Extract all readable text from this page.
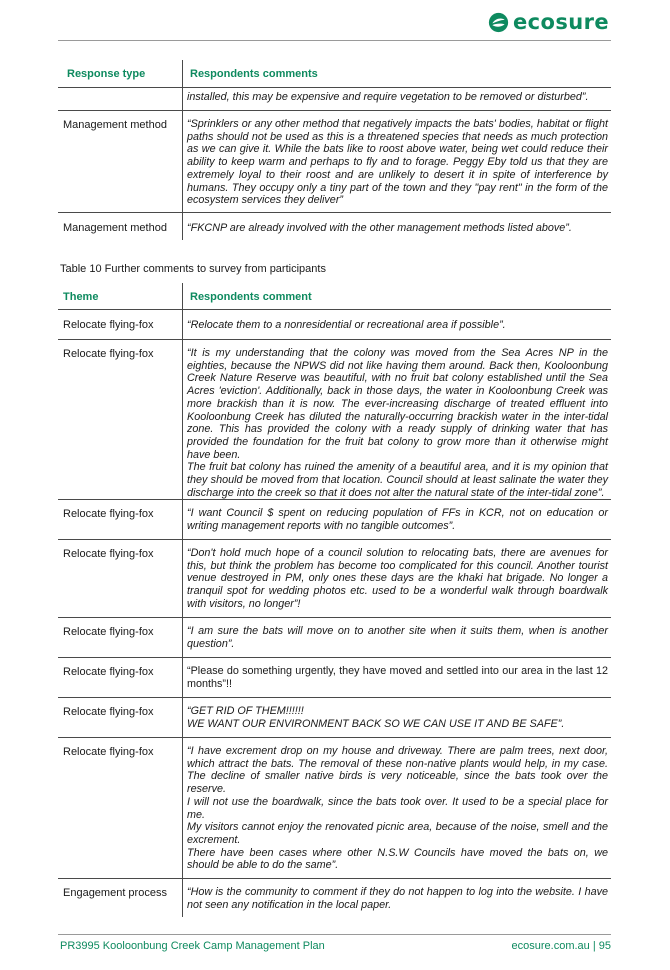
ecosure
Response type	Respondents comments
installed, this may be expensive and require vegetation to be removed or disturbed”.
Management method	“Sprinklers or any other method that negatively impacts the bats' bodies, habitat or flight paths should not be used as this is a threatened species that needs as much protection as we can give it. While the bats like to roost above water, being wet could reduce their ability to keep warm and perhaps to fly and to forage. Peggy Eby told us that they are extremely loyal to their roost and are unlikely to desert it in spite of interference by humans. They occupy only a tiny part of the town and they "pay rent" in the form of the ecosystem services they deliver”
Management method	“FKCNP are already involved with the other management methods listed above”.
Table 10 Further comments to survey from participants
Theme	Respondents comment
Relocate flying-fox	“Relocate them to a nonresidential or recreational area if possible”.
Relocate flying-fox	“It is my understanding that the colony was moved from the Sea Acres NP in the eighties, because the NPWS did not like having them around. Back then, Kooloonbung Creek Nature Reserve was beautiful, with no fruit bat colony established until the Sea Acres 'eviction'. Additionally, back in those days, the water in Kooloonbung Creek was more brackish than it is now. The ever-increasing discharge of treated effluent into Kooloonbung Creek has diluted the naturally-occurring brackish water in the inter-tidal zone. This has provided the colony with a ready supply of drinking water that has provided the foundation for the fruit bat colony to grow more than it otherwise might have been.
The fruit bat colony has ruined the amenity of a beautiful area, and it is my opinion that they should be moved from that location. Council should at least salinate the water they discharge into the creek so that it does not alter the natural state of the inter-tidal zone”.
Relocate flying-fox	“I want Council $ spent on reducing population of FFs in KCR, not on education or writing management reports with no tangible outcomes”.
Relocate flying-fox	“Don't hold much hope of a council solution to relocating bats, there are avenues for this, but think the problem has become too complicated for this council. Another tourist venue destroyed in PM, only ones these days are the khaki hat brigade. No longer a tranquil spot for wedding photos etc. used to be a wonderful walk through boardwalk with visitors, no longer”!
Relocate flying-fox	“I am sure the bats will move on to another site when it suits them, when is another question”.
Relocate flying-fox	“Please do something urgently, they have moved and settled into our area in the last 12 months”!!
Relocate flying-fox	“GET RID OF THEM!!!!!!
WE WANT OUR ENVIRONMENT BACK SO WE CAN USE IT AND BE SAFE”.
Relocate flying-fox	“I have excrement drop on my house and driveway. There are palm trees, next door, which attract the bats. The removal of these non-native plants would help, in my case. The decline of smaller native birds is very noticeable, since the bats took over the reserve.
I will not use the boardwalk, since the bats took over. It used to be a special place for me.
My visitors cannot enjoy the renovated picnic area, because of the noise, smell and the excrement.
There have been cases where other N.S.W Councils have moved the bats on, we should be able to do the same”.
Engagement process	“How is the community to comment if they do not happen to log into the website. I have not seen any notification in the local paper.
PR3995 Kooloonbung Creek Camp Management Plan	ecosure.com.au | 95
